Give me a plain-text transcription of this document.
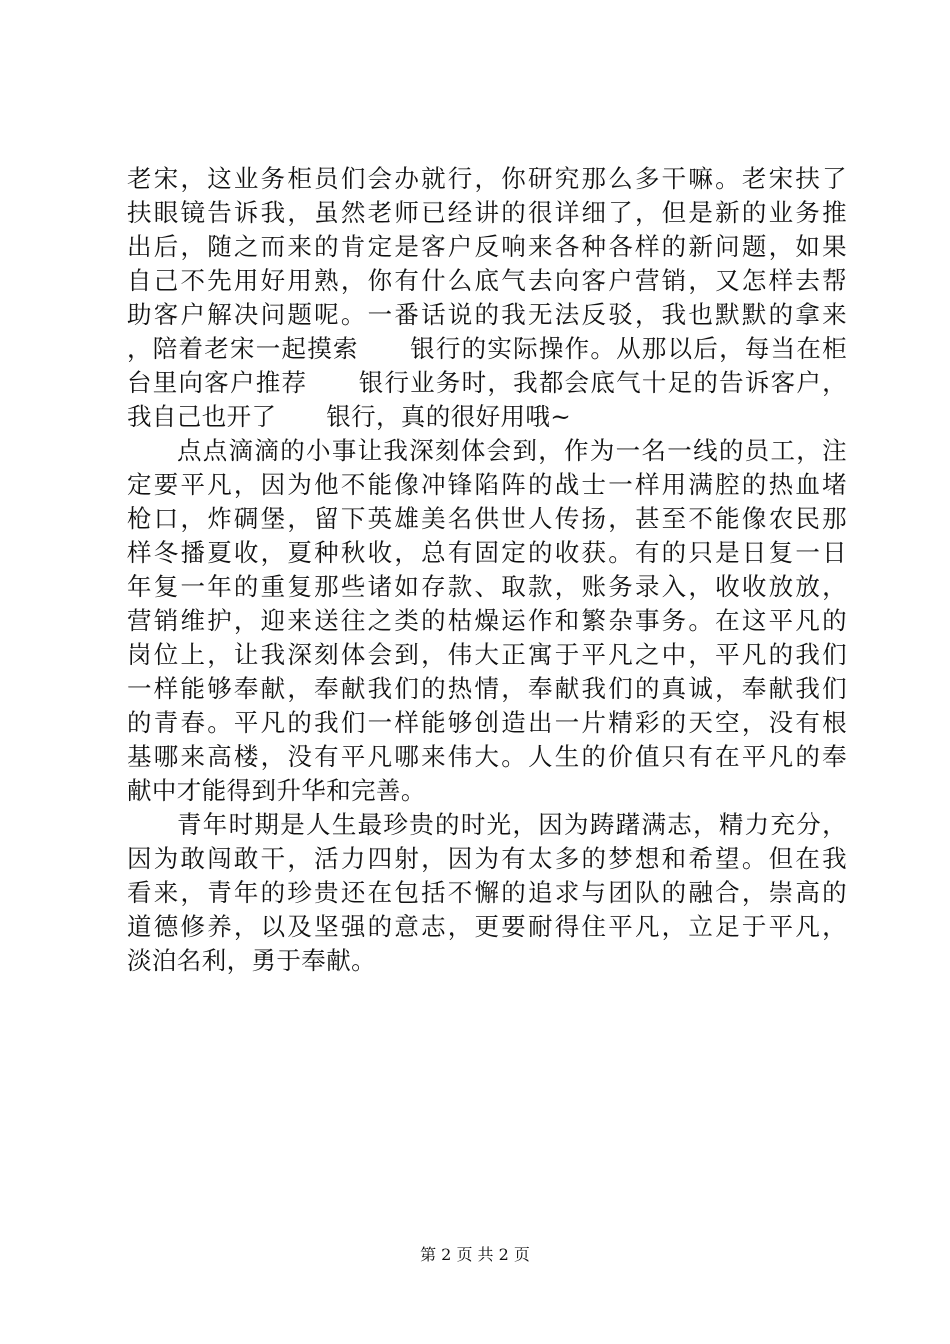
老宋，这业务柜员们会办就行，你研究那么多干嘛。老宋扶了
扶眼镜告诉我，虽然老师已经讲的很详细了，但是新的业务推
出后，随之而来的肯定是客户反响来各种各样的新问题，如果
自己不先用好用熟，你有什么底气去向客户营销，又怎样去帮
助客户解决问题呢。一番话说的我无法反驳，我也默默的拿来
，陪着老宋一起摸索　　银行的实际操作。从那以后，每当在柜
台里向客户推荐　　银行业务时，我都会底气十足的告诉客户，
我自己也开了　　银行，真的很好用哦~
点点滴滴的小事让我深刻体会到，作为一名一线的员工，注
定要平凡，因为他不能像冲锋陷阵的战士一样用满腔的热血堵
枪口，炸碉堡，留下英雄美名供世人传扬，甚至不能像农民那
样冬播夏收，夏种秋收，总有固定的收获。有的只是日复一日
年复一年的重复那些诸如存款、取款，账务录入，收收放放，
营销维护，迎来送往之类的枯燥运作和繁杂事务。在这平凡的
岗位上，让我深刻体会到，伟大正寓于平凡之中，平凡的我们
一样能够奉献，奉献我们的热情，奉献我们的真诚，奉献我们
的青春。平凡的我们一样能够创造出一片精彩的天空，没有根
基哪来高楼，没有平凡哪来伟大。人生的价值只有在平凡的奉
献中才能得到升华和完善。
青年时期是人生最珍贵的时光，因为踌躇满志，精力充分，
因为敢闯敢干，活力四射，因为有太多的梦想和希望。但在我
看来，青年的珍贵还在包括不懈的追求与团队的融合，崇高的
道德修养，以及坚强的意志，更要耐得住平凡，立足于平凡，
淡泊名利，勇于奉献。
第 2 页 共 2 页
